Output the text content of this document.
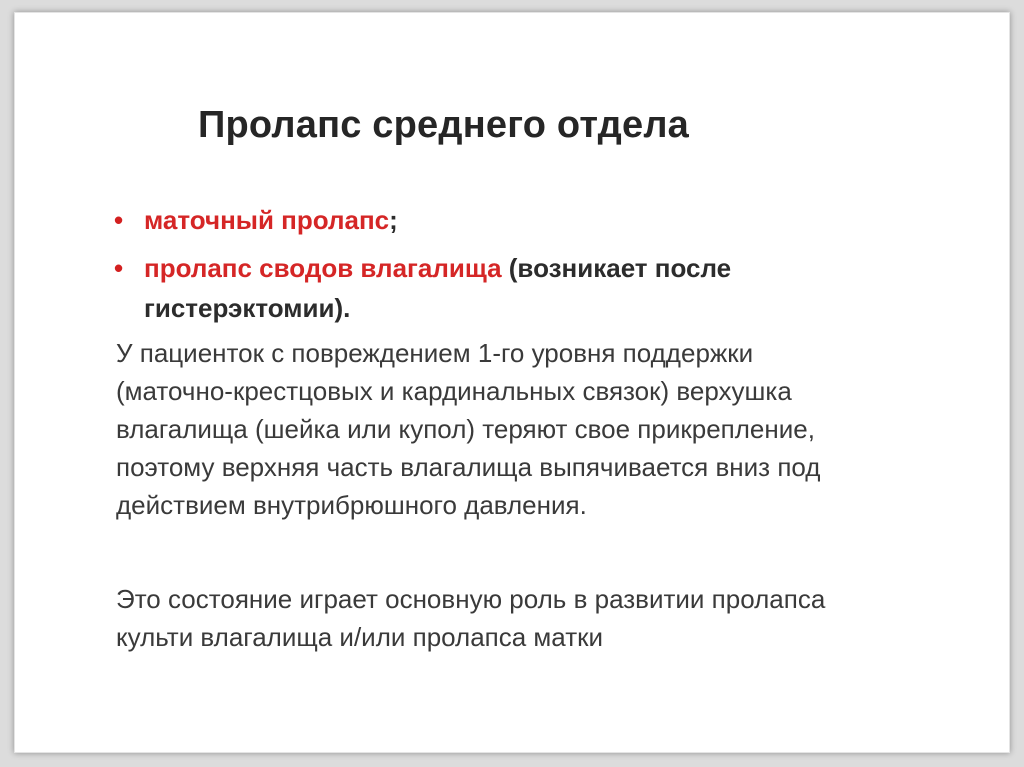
Пролапс среднего отдела
• маточный пролапс;
• пролапс сводов влагалища (возникает после гистерэктомии).

У пациенток с повреждением 1-го уровня поддержки (маточно-крестцовых и кардинальных связок) верхушка влагалища (шейка или купол) теряют свое прикрепление, поэтому верхняя часть влагалища выпячивается вниз под действием внутрибрюшного давления.

Это состояние играет основную роль в развитии пролапса культи влагалища и/или пролапса матки
